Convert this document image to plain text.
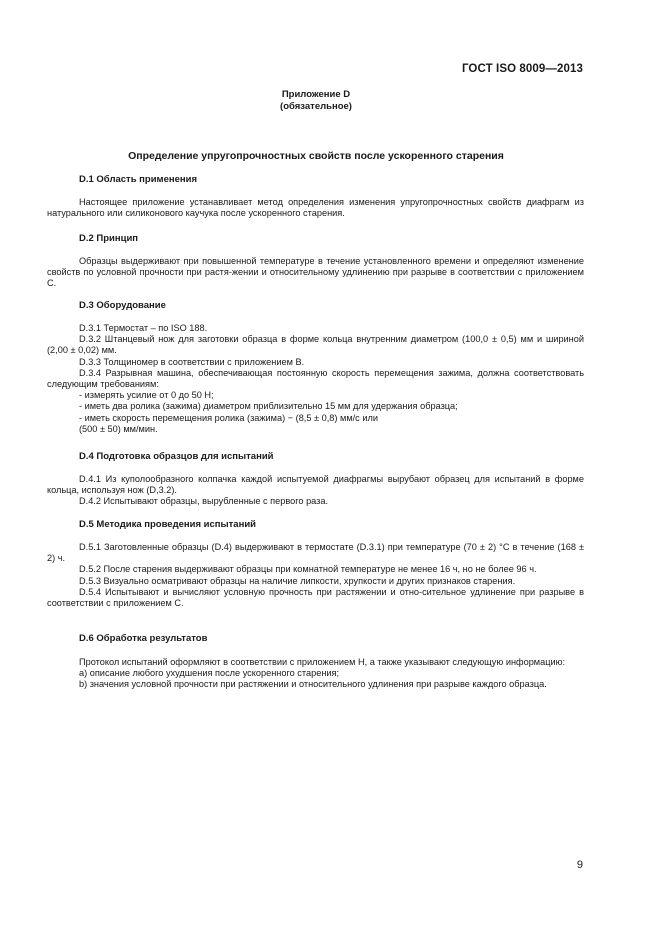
ГОСТ ISO 8009—2013
Приложение D
(обязательное)
Определение упругопрочностных свойств после ускоренного старения
D.1 Область применения

Настоящее приложение устанавливает метод определения изменения упругопрочностных свойств диафрагм из натурального или силиконового каучука после ускоренного старения.

D.2 Принцип

Образцы выдерживают при повышенной температуре в течение установленного времени и определяют изменение свойств по условной прочности при растя-жении и относительному удлинению при разрыве в соответствии с приложением С.

D.3 Оборудование

D.3.1 Термостат – по ISO 188.

D.3.2 Штанцевый нож для заготовки образца в форме кольца внутренним диаметром (100,0 ± 0,5) мм и шириной (2,00 ± 0,02) мм.

D.3.3 Толщиномер в соответствии с приложением В.

D.3.4 Разрывная машина, обеспечивающая постоянную скорость перемещения зажима, должна соответствовать следующим требованиям:

- измерять усилие от 0 до 50 Н;

- иметь два ролика (зажима) диаметром приблизительно 15 мм для удержания образца;

- иметь скорость перемещения ролика (зажима) − (8,5 ± 0,8) мм/с или

(500 ± 50) мм/мин.

D.4 Подготовка образцов для испытаний

D.4.1 Из куполообразного колпачка каждой испытуемой диафрагмы вырубают образец для испытаний в форме кольца, используя нож (D,3.2).

D.4.2 Испытывают образцы, вырубленные с первого раза.

D.5 Методика проведения испытаний

D.5.1 Заготовленные образцы (D.4) выдерживают в термостате (D.3.1) при температуре (70 ± 2) °С в течение (168 ± 2) ч.

D.5.2 После старения выдерживают образцы при комнатной температуре не менее 16 ч, но не более 96 ч.

D.5.3 Визуально осматривают образцы на наличие липкости, хрупкости и других признаков старения.

D.5.4 Испытывают и вычисляют условную прочность при растяжении и отно-сительное удлинение при разрыве в соответствии с приложением С.

D.6 Обработка результатов

Протокол испытаний оформляют в соответствии с приложением Н, а также указывают следующую информацию:

а) описание любого ухудшения после ускоренного старения;

b) значения условной прочности при растяжении и относительного удлинения при разрыве каждого образца.

9
